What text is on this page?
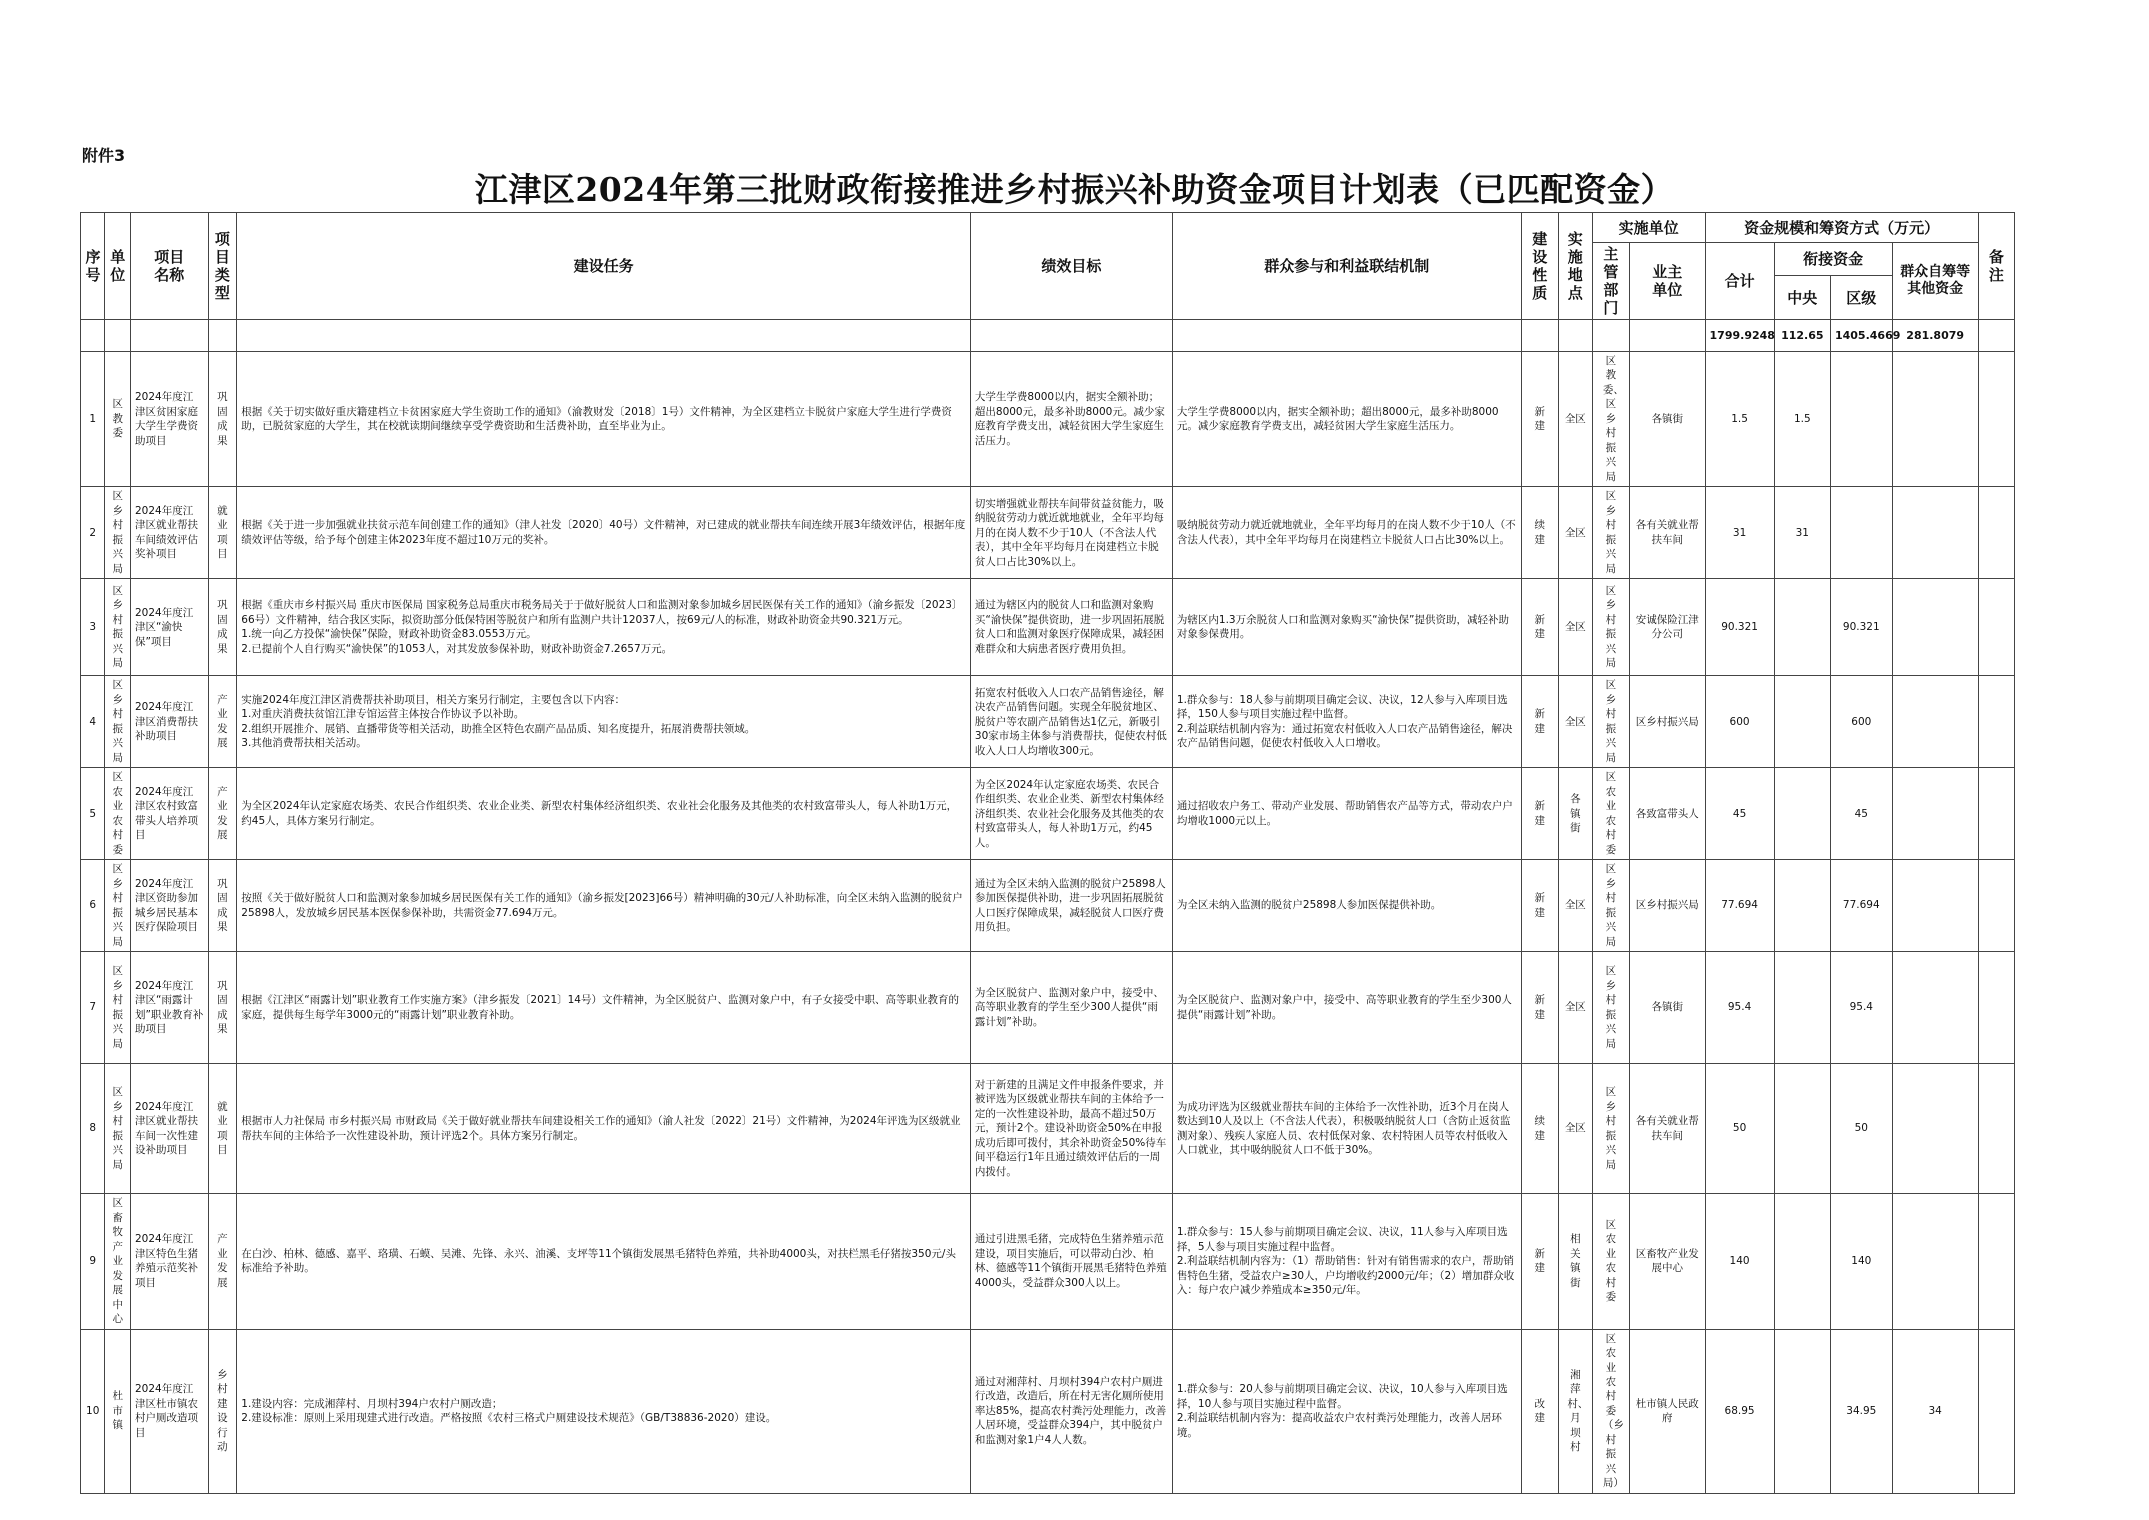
附件3
江津区2024年第三批财政衔接推进乡村振兴补助资金项目计划表（已匹配资金）
序号	单位	项目名称	项目类型	建设任务	绩效目标	群众参与和利益联结机制	建设性质	实施地点	实施单位		资金规模和筹资方式（万元）				备注

									主管部门	业主单位	合计	衔接资金		群众自筹等其他资金	
												中央	区级		
											1799.9248	112.65	1405.4669	281.8079	
1	区教委	2024年度江津区贫困家庭大学生学费资助项目	巩固成果	根据《关于切实做好重庆籍建档立卡贫困家庭大学生资助工作的通知》（渝教财发〔2018〕1号）文件精神，为全区建档立卡脱贫户家庭大学生进行学费资助，已脱贫家庭的大学生，其在校就读期间继续享受学费资助和生活费补助，直至毕业为止。	大学生学费8000以内，据实全额补助；超出8000元，最多补助8000元。减少家庭教育学费支出，减轻贫困大学生家庭生活压力。	大学生学费8000以内，据实全额补助；超出8000元，最多补助8000元。减少家庭教育学费支出，减轻贫困大学生家庭生活压力。	新建	全区	区教委、区乡村振兴局	各镇街	1.5	1.5			
2	区乡村振兴局	2024年度江津区就业帮扶车间绩效评估奖补项目	就业项目	根据《关于进一步加强就业扶贫示范车间创建工作的通知》（津人社发〔2020〕40号）文件精神，对已建成的就业帮扶车间连续开展3年绩效评估，根据年度绩效评估等级，给予每个创建主体2023年度不超过10万元的奖补。	切实增强就业帮扶车间带贫益贫能力，吸纳脱贫劳动力就近就地就业，全年平均每月的在岗人数不少于10人（不含法人代表），其中全年平均每月在岗建档立卡脱贫人口占比30%以上。	吸纳脱贫劳动力就近就地就业，全年平均每月的在岗人数不少于10人（不含法人代表），其中全年平均每月在岗建档立卡脱贫人口占比30%以上。	续建	全区	区乡村振兴局	各有关就业帮扶车间	31	31			
3	区乡村振兴局	2024年度江津区“渝快保”项目	巩固成果	根据《重庆市乡村振兴局 重庆市医保局 国家税务总局重庆市税务局关于于做好脱贫人口和监测对象参加城乡居民医保有关工作的通知》（渝乡振发〔2023〕66号）文件精神，结合我区实际，拟资助部分低保特困等脱贫户和所有监测户共计12037人，按69元/人的标准，财政补助资金共90.321万元。
1.统一向乙方投保“渝快保”保险，财政补助资金83.0553万元。
2.已提前个人自行购买“渝快保”的1053人，对其发放参保补助，财政补助资金7.2657万元。	通过为辖区内的脱贫人口和监测对象购买“渝快保”提供资助，进一步巩固拓展脱贫人口和监测对象医疗保障成果，减轻困难群众和大病患者医疗费用负担。	为辖区内1.3万余脱贫人口和监测对象购买“渝快保”提供资助，减轻补助对象参保费用。	新建	全区	区乡村振兴局	安诚保险江津分公司	90.321		90.321		
4	区乡村振兴局	2024年度江津区消费帮扶补助项目	产业发展	实施2024年度江津区消费帮扶补助项目，相关方案另行制定，主要包含以下内容：
1.对重庆消费扶贫馆江津专馆运营主体按合作协议予以补助。
2.组织开展推介、展销、直播带货等相关活动，助推全区特色农副产品品质、知名度提升，拓展消费帮扶领域。
3.其他消费帮扶相关活动。	拓宽农村低收入人口农产品销售途径，解决农产品销售问题。实现全年脱贫地区、脱贫户等农副产品销售达1亿元，新吸引30家市场主体参与消费帮扶，促使农村低收入人口人均增收300元。	1.群众参与：18人参与前期项目确定会议、决议，12人参与入库项目选择，150人参与项目实施过程中监督。
2.利益联结机制内容为：通过拓宽农村低收入人口农产品销售途径，解决农产品销售问题，促使农村低收入人口增收。	新建	全区	区乡村振兴局	区乡村振兴局	600		600		
5	区农业农村委	2024年度江津区农村致富带头人培养项目	产业发展	为全区2024年认定家庭农场类、农民合作组织类、农业企业类、新型农村集体经济组织类、农业社会化服务及其他类的农村致富带头人，每人补助1万元，约45人，具体方案另行制定。	为全区2024年认定家庭农场类、农民合作组织类、农业企业类、新型农村集体经济组织类、农业社会化服务及其他类的农村致富带头人，每人补助1万元，约45人。	通过招收农户务工、带动产业发展、帮助销售农产品等方式，带动农户户均增收1000元以上。	新建	各镇街	区农业农村委	各致富带头人	45		45		
6	区乡村振兴局	2024年度江津区资助参加城乡居民基本医疗保险项目	巩固成果	按照《关于做好脱贫人口和监测对象参加城乡居民医保有关工作的通知》（渝乡振发[2023]66号）精神明确的30元/人补助标准，向全区未纳入监测的脱贫户25898人，发放城乡居民基本医保参保补助，共需资金77.694万元。	通过为全区未纳入监测的脱贫户25898人参加医保提供补助，进一步巩固拓展脱贫人口医疗保障成果，减轻脱贫人口医疗费用负担。	为全区未纳入监测的脱贫户25898人参加医保提供补助。	新建	全区	区乡村振兴局	区乡村振兴局	77.694		77.694		
7	区乡村振兴局	2024年度江津区“雨露计划”职业教育补助项目	巩固成果	根据《江津区“雨露计划”职业教育工作实施方案》（津乡振发〔2021〕14号）文件精神，为全区脱贫户、监测对象户中，有子女接受中职、高等职业教育的家庭，提供每生每学年3000元的“雨露计划”职业教育补助。	为全区脱贫户、监测对象户中，接受中、高等职业教育的学生至少300人提供“雨露计划”补助。	为全区脱贫户、监测对象户中，接受中、高等职业教育的学生至少300人提供“雨露计划”补助。	新建	全区	区乡村振兴局	各镇街	95.4		95.4		
8	区乡村振兴局	2024年度江津区就业帮扶车间一次性建设补助项目	就业项目	根据市人力社保局 市乡村振兴局 市财政局《关于做好就业帮扶车间建设相关工作的通知》（渝人社发〔2022〕21号）文件精神，为2024年评选为区级就业帮扶车间的主体给予一次性建设补助，预计评选2个。具体方案另行制定。	对于新建的且满足文件申报条件要求，并被评选为区级就业帮扶车间的主体给予一定的一次性建设补助，最高不超过50万元，预计2个。建设补助资金50%在申报成功后即可拨付，其余补助资金50%待车间平稳运行1年且通过绩效评估后的一周内拨付。	为成功评选为区级就业帮扶车间的主体给予一次性补助，近3个月在岗人数达到10人及以上（不含法人代表），积极吸纳脱贫人口（含防止返贫监测对象）、残疾人家庭人员、农村低保对象、农村特困人员等农村低收入人口就业，其中吸纳脱贫人口不低于30%。	续建	全区	区乡村振兴局	各有关就业帮扶车间	50		50		
9	区畜牧产业发展中心	2024年度江津区特色生猪养殖示范奖补项目	产业发展	在白沙、柏林、德感、嘉平、珞璜、石蟆、吴滩、先锋、永兴、油溪、支坪等11个镇街发展黑毛猪特色养殖，共补助4000头，对扶栏黑毛仔猪按350元/头标准给予补助。	通过引进黑毛猪，完成特色生猪养殖示范建设，项目实施后，可以带动白沙、柏林、德感等11个镇街开展黑毛猪特色养殖4000头，受益群众300人以上。	1.群众参与：15人参与前期项目确定会议、决议，11人参与入库项目选择，5人参与项目实施过程中监督。
2.利益联结机制内容为：（1）帮助销售：针对有销售需求的农户，帮助销售特色生猪，受益农户≥30人，户均增收约2000元/年；（2）增加群众收入：每户农户减少养殖成本≥350元/年。	新建	相关镇街	区农业农村委	区畜牧产业发展中心	140		140		
10	杜市镇	2024年度江津区杜市镇农村户厕改造项目	乡村建设行动	1.建设内容：完成湘萍村、月坝村394户农村户厕改造；
2.建设标准：原则上采用现建式进行改造。严格按照《农村三格式户厕建设技术规范》（GB/T38836-2020）建设。	通过对湘萍村、月坝村394户农村户厕进行改造，改造后，所在村无害化厕所使用率达85%，提高农村粪污处理能力，改善人居环境，受益群众394户，其中脱贫户和监测对象1户4人人数。	1.群众参与：20人参与前期项目确定会议、决议，10人参与入库项目选择，10人参与项目实施过程中监督。
2.利益联结机制内容为：提高收益农户农村粪污处理能力，改善人居环境。	改建	湘萍村、月坝村	区农业农村委（乡村振兴局）	杜市镇人民政府	68.95		34.95	34	
